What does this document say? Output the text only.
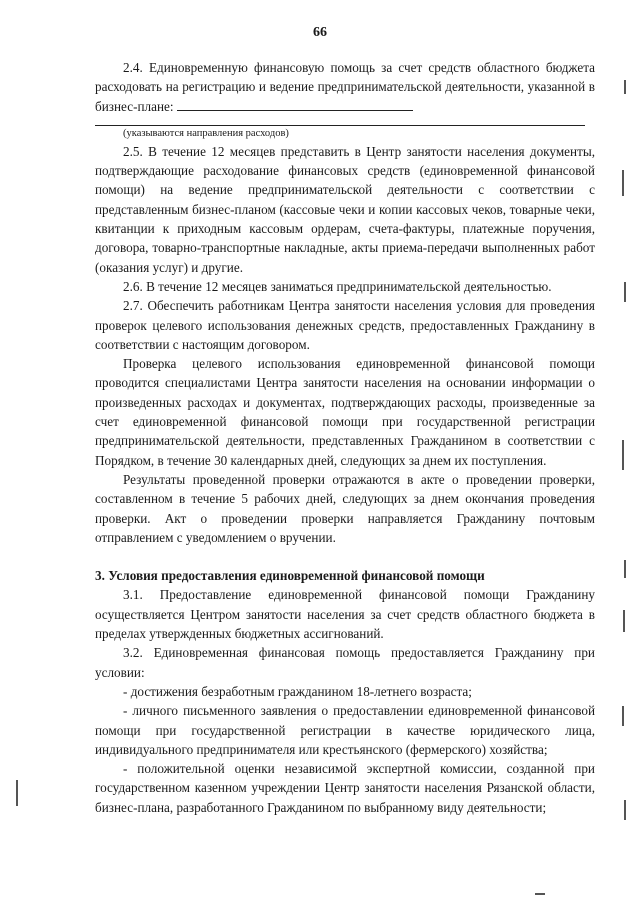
66

2.4. Единовременную финансовую помощь за счет средств областного бюджета расходовать на регистрацию и ведение предпринимательской деятельности, указанной в бизнес-плане:

(указываются направления расходов)

2.5. В течение 12 месяцев представить в Центр занятости населения документы, подтверждающие расходование финансовых средств (единовременной финансовой помощи) на ведение предпринимательской деятельности с соответствии с представленным бизнес-планом (кассовые чеки и копии кассовых чеков, товарные чеки, квитанции к приходным кассовым ордерам, счета-фактуры, платежные поручения, договора, товарно-транспортные накладные, акты приема-передачи выполненных работ (оказания услуг) и другие.

2.6. В течение 12 месяцев заниматься предпринимательской деятельностью.

2.7. Обеспечить работникам Центра занятости населения условия для проведения проверок целевого использования денежных средств, предоставленных Гражданину в соответствии с настоящим договором.

Проверка целевого использования единовременной финансовой помощи проводится специалистами Центра занятости населения на основании информации о произведенных расходах и документах, подтверждающих расходы, произведенные за счет единовременной финансовой помощи при государственной регистрации предпринимательской деятельности, представленных Гражданином в соответствии с Порядком, в течение 30 календарных дней, следующих за днем их поступления.

Результаты проведенной проверки отражаются в акте о проведении проверки, составленном в течение 5 рабочих дней, следующих за днем окончания проведения проверки. Акт о проведении проверки направляется Гражданину почтовым отправлением с уведомлением о вручении.

3. Условия предоставления единовременной финансовой помощи

3.1. Предоставление единовременной финансовой помощи Гражданину осуществляется Центром занятости населения за счет средств областного бюджета в пределах утвержденных бюджетных ассигнований.

3.2. Единовременная финансовая помощь предоставляется Гражданину при условии:

- достижения безработным гражданином 18-летнего возраста;

- личного письменного заявления о предоставлении единовременной финансовой помощи при государственной регистрации в качестве юридического лица, индивидуального предпринимателя или крестьянского (фермерского) хозяйства;

- положительной оценки независимой экспертной комиссии, созданной при государственном казенном учреждении Центр занятости населения Рязанской области, бизнес-плана, разработанного Гражданином по выбранному виду деятельности;
